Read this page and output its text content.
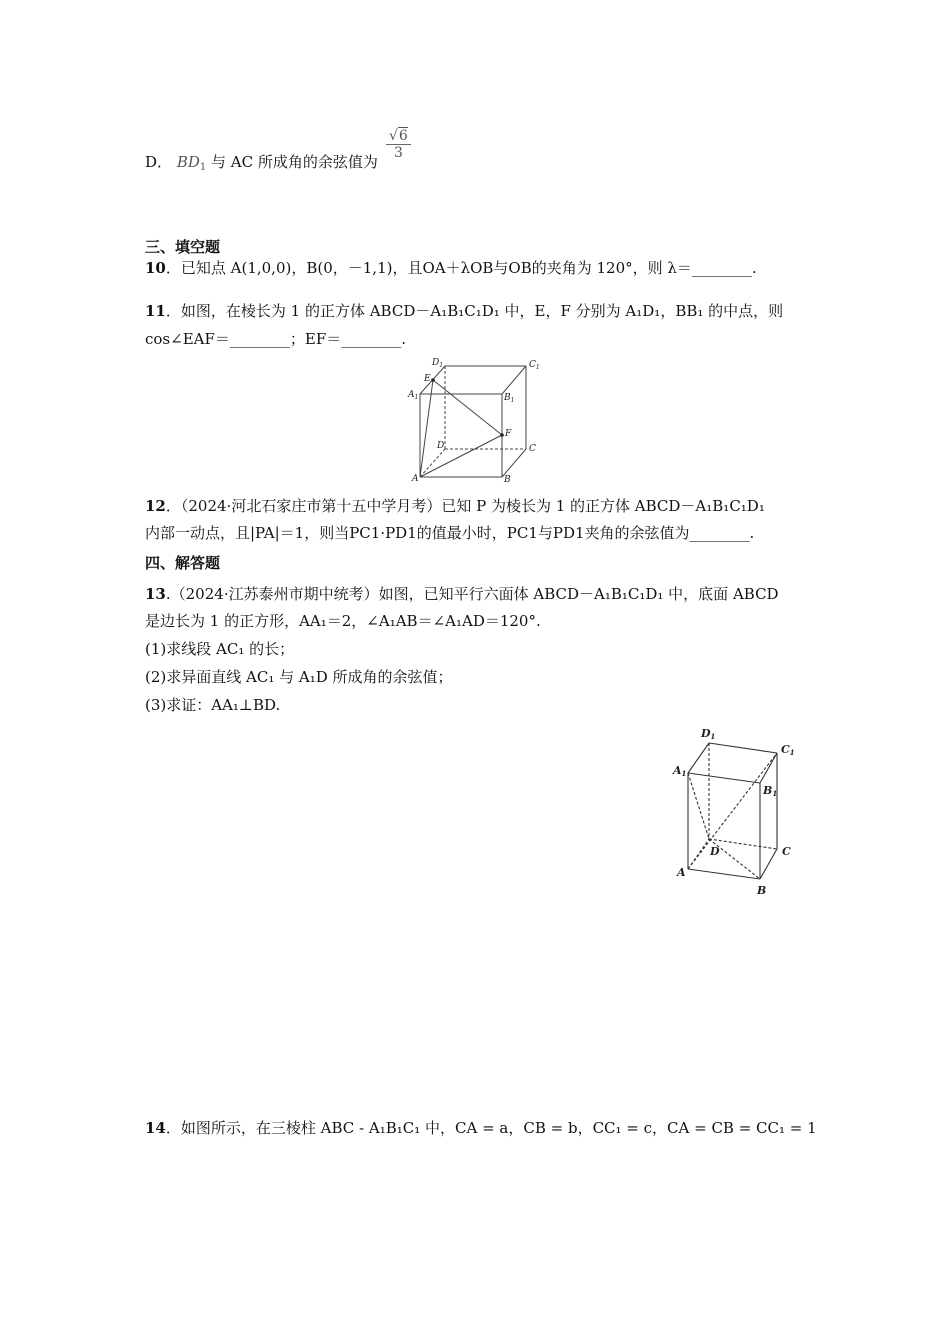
D． $BD_1$ 与 AC 所成角的余弦值为
$\frac{√6}{3}$
三、填空题
10．已知点 A(1,0,0)，B(0，－1,1)，且OA＋λOB与OB的夹角为 120°，则 λ＝________.
11．如图，在棱长为 1 的正方体 ABCD－A₁B₁C₁D₁ 中，E，F 分别为 A₁D₁，BB₁ 的中点，则
cos∠EAF＝________；EF＝________.
$D_1$	$C_1$
E
$A_1$	$B_1$
F
D	C
A	B
12．（2024·河北石家庄市第十五中学月考）已知 P 为棱长为 1 的正方体 ABCD－A₁B₁C₁D₁
内部一动点，且|PA|＝1，则当PC1·PD1的值最小时，PC1与PD1夹角的余弦值为________.
四、解答题
13.（2024·江苏泰州市期中统考）如图，已知平行六面体 ABCD－A₁B₁C₁D₁ 中，底面 ABCD
是边长为 1 的正方形，AA₁＝2，∠A₁AB＝∠A₁AD＝120°.
(1)求线段 AC₁ 的长；
(2)求异面直线 AC₁ 与 A₁D 所成角的余弦值；
(3)求证：AA₁⊥BD.
D1
C1
A1
B1
D	C
A
B
14．如图所示，在三棱柱 ABC - A₁B₁C₁ 中，CA = a，CB = b，CC₁ = c，CA = CB = CC₁ = 1
